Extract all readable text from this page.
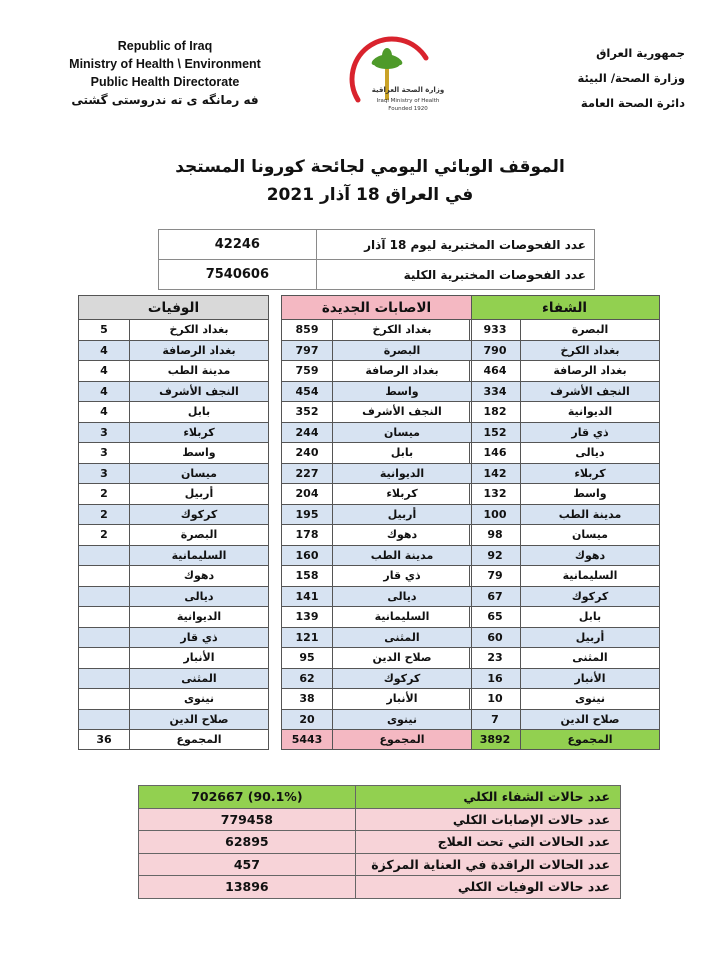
Republic of Iraq
Ministry of Health \ Environment
Public Health Directorate
فه رمانگه ی ته ندروستی گشتی
جمهورية العراق
وزارة الصحة/ البيئة
دائرة الصحة العامة
وزارة الصحة العراقية
Iraqi Ministry of Health
Founded 1920
الموقف الوبائي اليومي لجائحة كورونا المستجد
في العراق 18 آذار 2021
42246	عدد الفحوصات المختبرية ليوم 18 آذار
7540606	عدد الفحوصات المختبرية الكلية
الشفاء	
933	البصرة
790	بغداد الكرخ
464	بغداد الرصافة
334	النجف الأشرف
182	الديوانية
152	ذي قار
146	ديالى
142	كربلاء
132	واسط
100	مدينة الطب
98	ميسان
92	دهوك
79	السليمانية
67	كركوك
65	بابل
60	أربيل
23	المثنى
16	الأنبار
10	نينوى
7	صلاح الدين
3892	المجموع
الاصابات الجديدة	
859	بغداد الكرخ
797	البصرة
759	بغداد الرصافة
454	واسط
352	النجف الأشرف
244	ميسان
240	بابل
227	الديوانية
204	كربلاء
195	أربيل
178	دهوك
160	مدينة الطب
158	ذي قار
141	ديالى
139	السليمانية
121	المثنى
95	صلاح الدين
62	كركوك
38	الأنبار
20	نينوى
5443	المجموع
الوفيات	
5	بغداد الكرخ
4	بغداد الرصافة
4	مدينة الطب
4	النجف الأشرف
4	بابل
3	كربلاء
3	واسط
3	ميسان
2	أربيل
2	كركوك
2	البصرة
	السليمانية
	دهوك
	ديالى
	الديوانية
	ذي قار
	الأنبار
	المثنى
	نينوى
	صلاح الدين
36	المجموع
702667 (90.1%)	عدد حالات الشفاء الكلي
779458	عدد حالات الإصابات الكلي
62895	عدد الحالات التي تحت العلاج
457	عدد الحالات الراقدة في العناية المركزة
13896	عدد حالات الوفيات الكلي
